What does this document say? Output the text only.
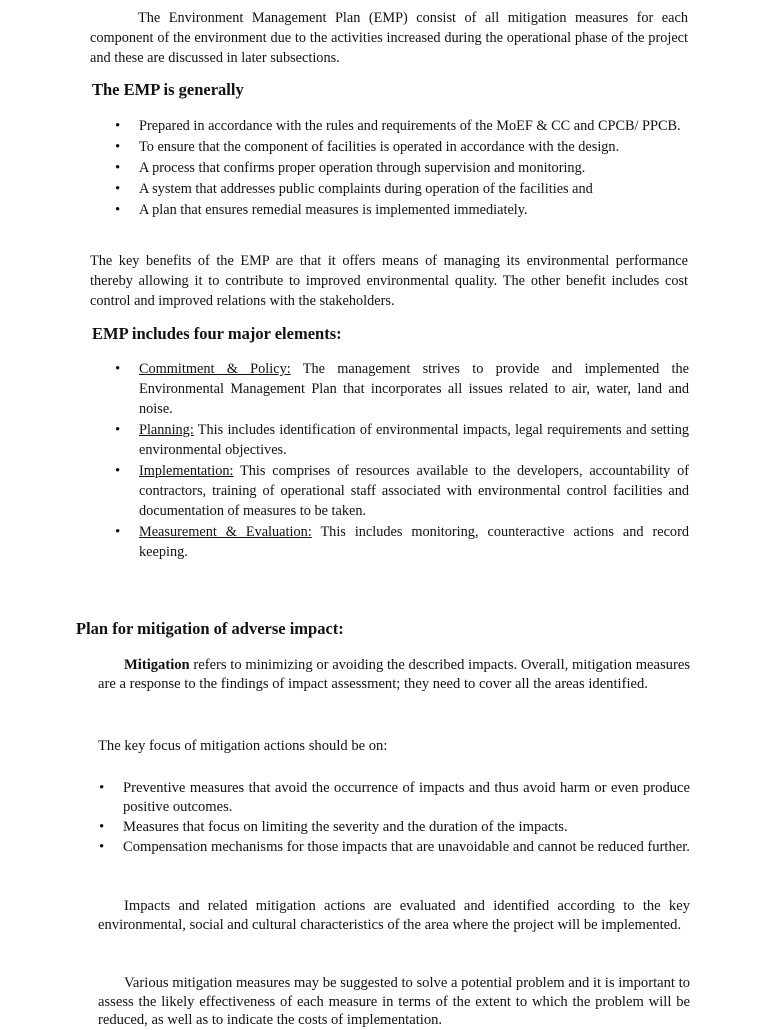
The Environment Management Plan (EMP) consist of all mitigation measures for each component of the environment due to the activities increased during the operational phase of the project and these are discussed in later subsections.

The EMP is generally
• Prepared in accordance with the rules and requirements of the MoEF & CC and CPCB/ PPCB.
• To ensure that the component of facilities is operated in accordance with the design.
• A process that confirms proper operation through supervision and monitoring.
• A system that addresses public complaints during operation of the facilities and
• A plan that ensures remedial measures is implemented immediately.

The key benefits of the EMP are that it offers means of managing its environmental performance thereby allowing it to contribute to improved environmental quality. The other benefit includes cost control and improved relations with the stakeholders.

EMP includes four major elements:
• Commitment & Policy: The management strives to provide and implemented the Environmental Management Plan that incorporates all issues related to air, water, land and noise.
• Planning: This includes identification of environmental impacts, legal requirements and setting environmental objectives.
• Implementation: This comprises of resources available to the developers, accountability of contractors, training of operational staff associated with environmental control facilities and documentation of measures to be taken.
• Measurement & Evaluation: This includes monitoring, counteractive actions and record keeping.
Plan for mitigation of adverse impact:

Mitigation refers to minimizing or avoiding the described impacts. Overall, mitigation measures are a response to the findings of impact assessment; they need to cover all the areas identified.

The key focus of mitigation actions should be on:

• Preventive measures that avoid the occurrence of impacts and thus avoid harm or even produce positive outcomes.
• Measures that focus on limiting the severity and the duration of the impacts.
• Compensation mechanisms for those impacts that are unavoidable and cannot be reduced further.

Impacts and related mitigation actions are evaluated and identified according to the key environmental, social and cultural characteristics of the area where the project will be implemented.

Various mitigation measures may be suggested to solve a potential problem and it is important to assess the likely effectiveness of each measure in terms of the extent to which the problem will be reduced, as well as to indicate the costs of implementation.
